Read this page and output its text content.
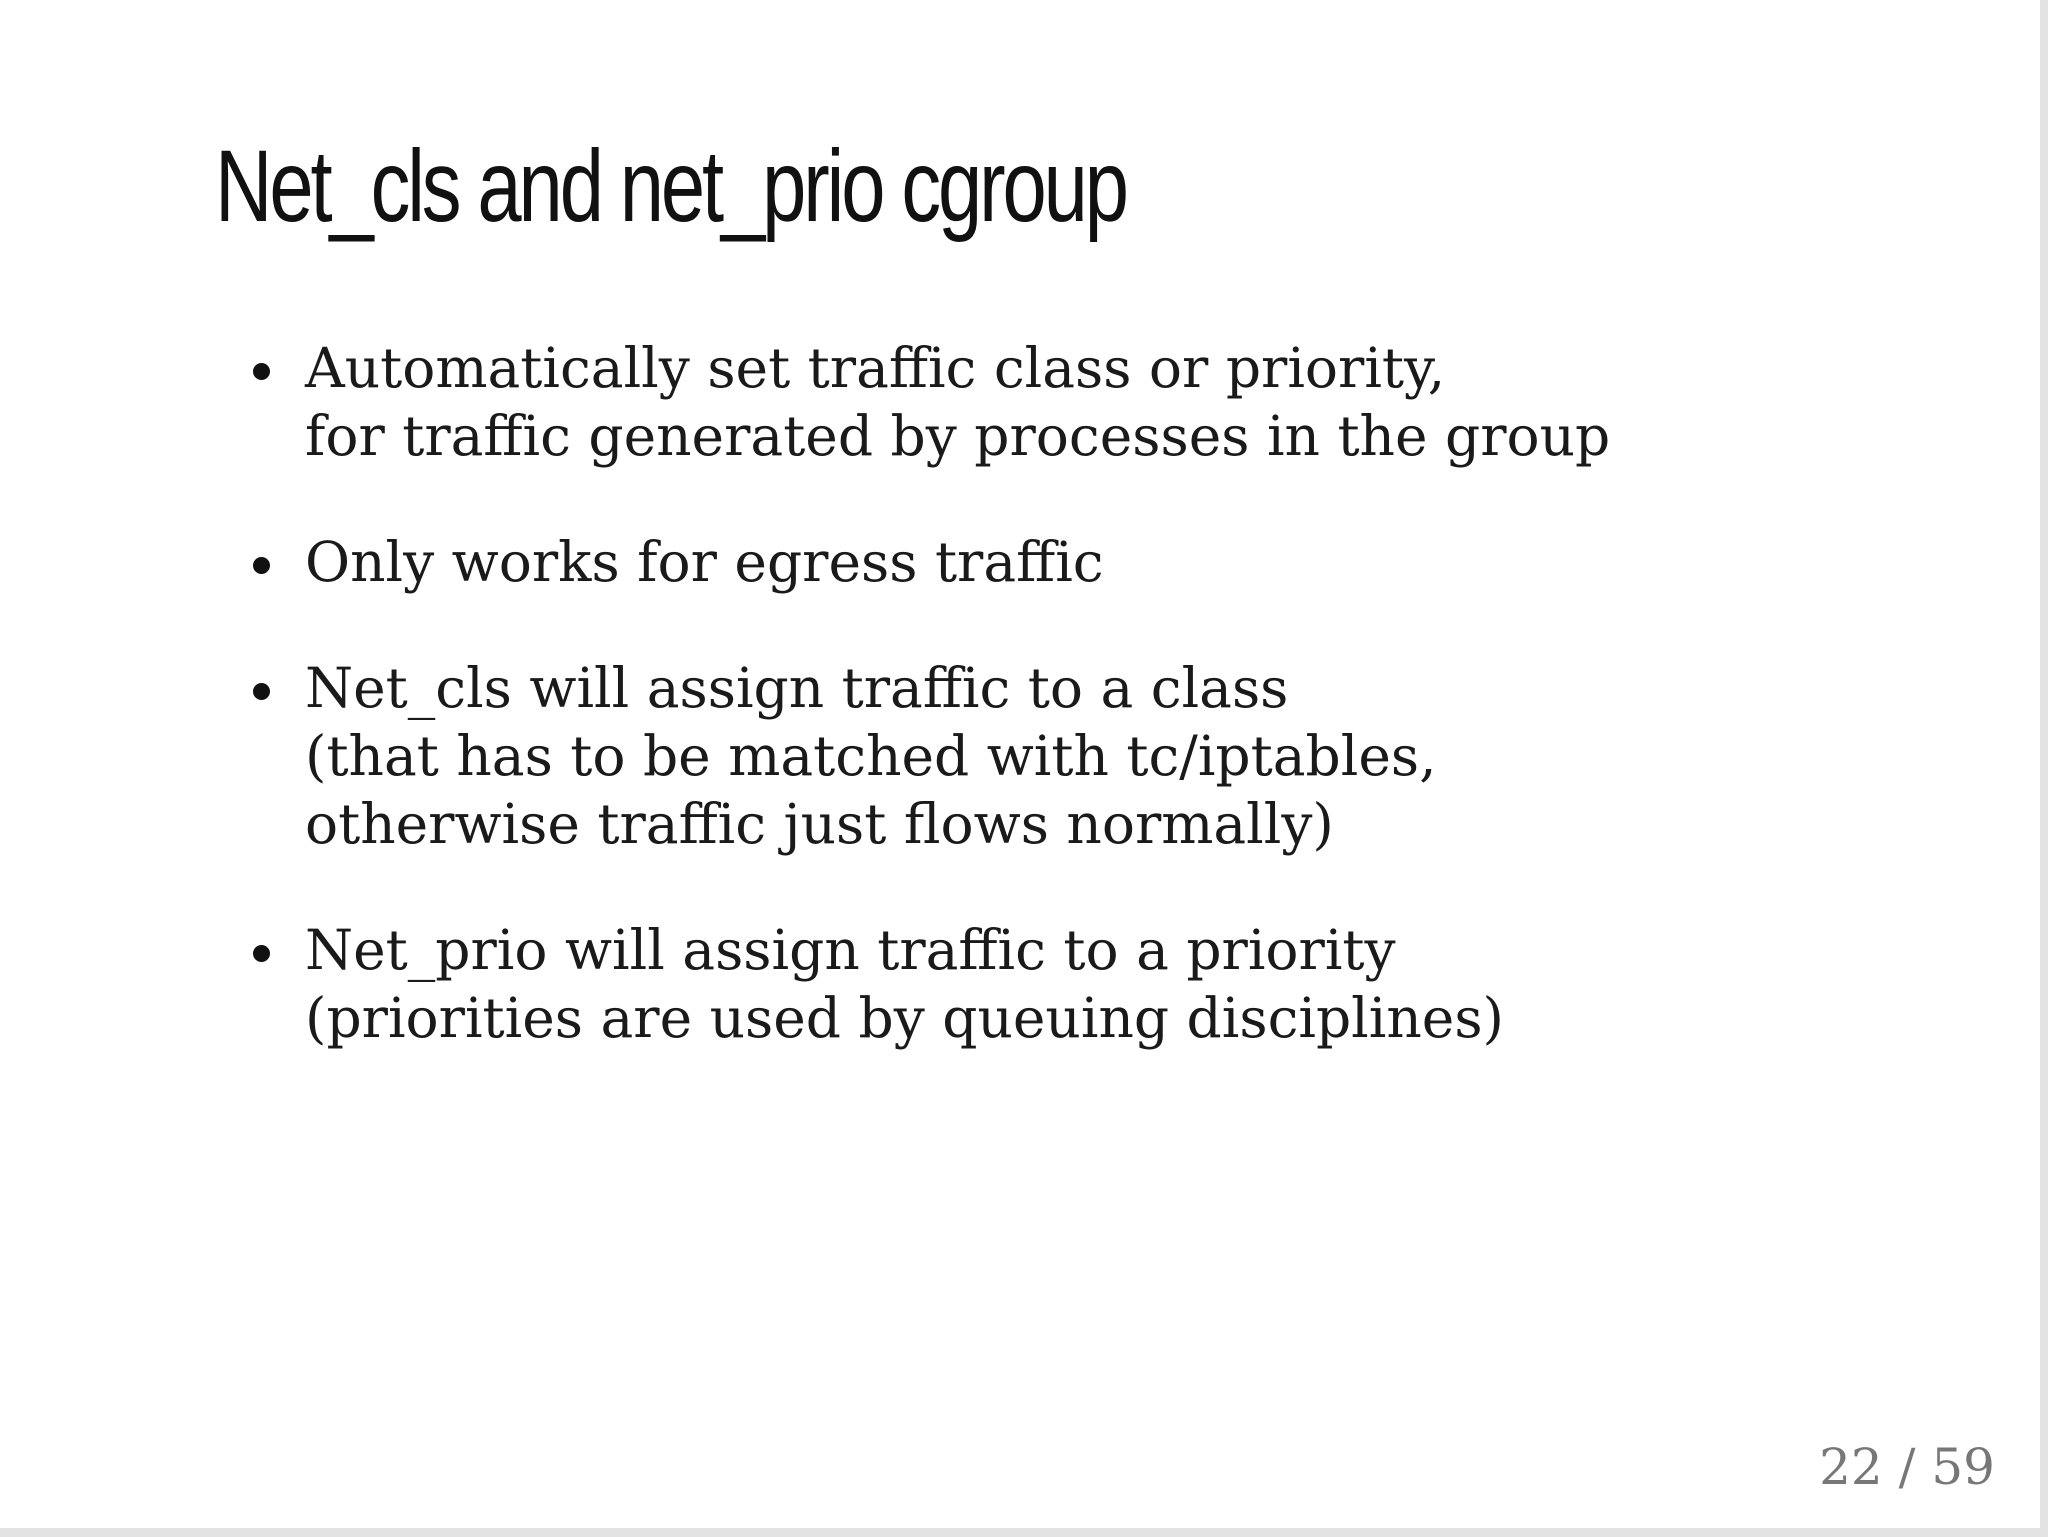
Net_cls and net_prio cgroup
Automatically set traffic class or priority,
for traffic generated by processes in the group
Only works for egress traffic
Net_cls will assign traffic to a class
(that has to be matched with tc/iptables,
otherwise traffic just flows normally)
Net_prio will assign traffic to a priority
(priorities are used by queuing disciplines)
22 / 59
